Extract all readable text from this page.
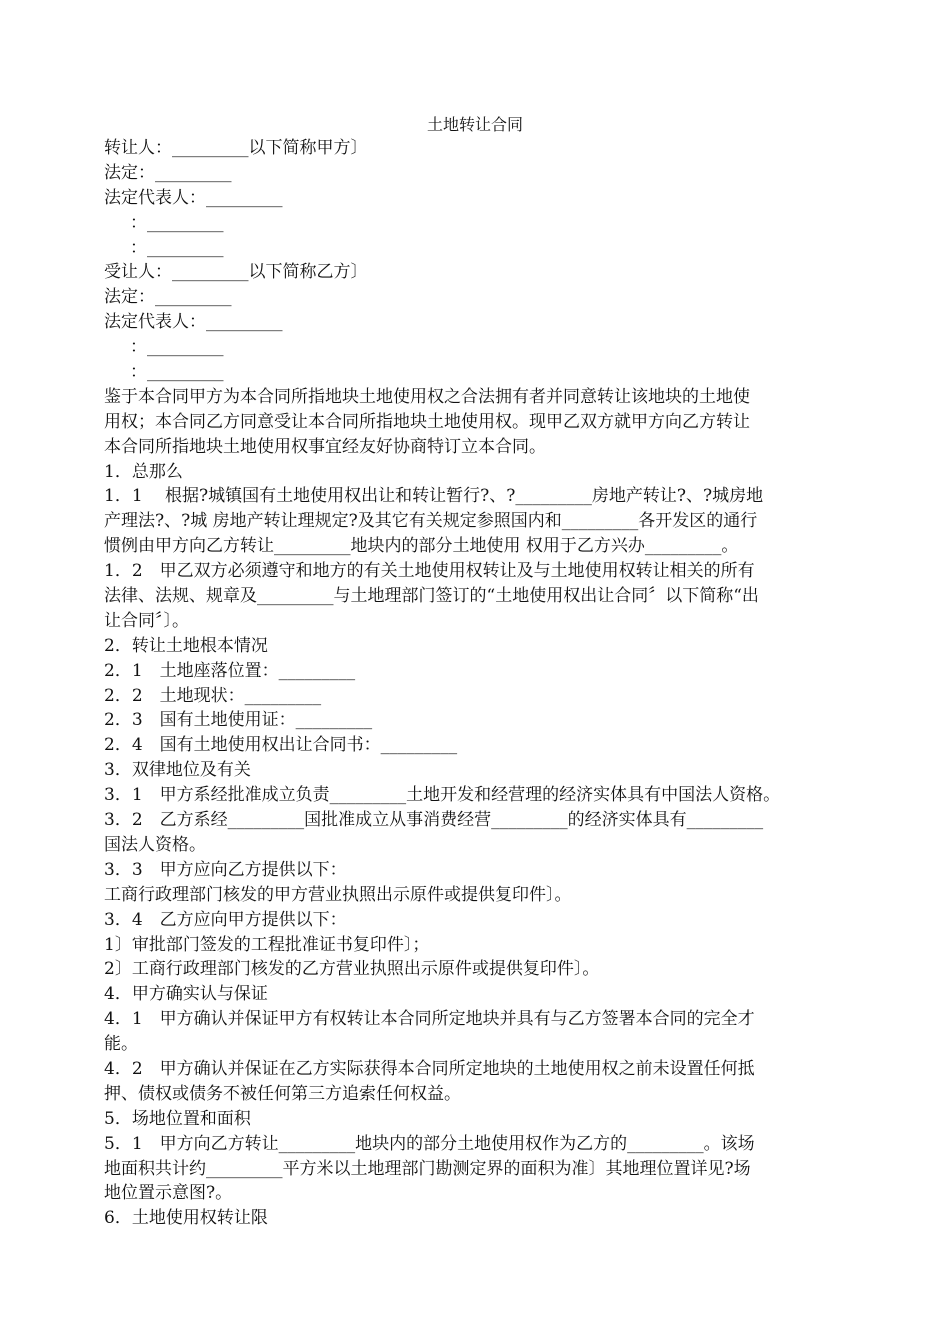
土地转让合同
转让人：_________以下简称甲方〕
法定：_________
法定代表人：_________
：_________
：_________
受让人：_________以下简称乙方〕
法定：_________
法定代表人：_________
：_________
：_________
鉴于本合同甲方为本合同所指地块土地使用权之合法拥有者并同意转让该地块的土地使
用权；本合同乙方同意受让本合同所指地块土地使用权。现甲乙双方就甲方向乙方转让
本合同所指地块土地使用权事宜经友好协商特订立本合同。
1．总那么
1．1　 根据?城镇国有土地使用权出让和转让暂行?、?_________房地产转让?、?城房地
产理法?、?城 房地产转让理规定?及其它有关规定参照国内和_________各开发区的通行
惯例由甲方向乙方转让_________地块内的部分土地使用 权用于乙方兴办_________。
1．2　甲乙双方必须遵守和地方的有关土地使用权转让及与土地使用权转让相关的所有
法律、法规、规章及_________与土地理部门签订的“土地使用权出让合同〞以下简称“出
让合同〞〕。
2．转让土地根本情况
2．1　土地座落位置：_________
2．2　土地现状：_________
2．3　国有土地使用证：_________
2．4　国有土地使用权出让合同书：_________
3．双律地位及有关
3．1　甲方系经批准成立负责_________土地开发和经营理的经济实体具有中国法人资格。
3．2　乙方系经_________国批准成立从事消费经营_________的经济实体具有_________
国法人资格。
3．3　甲方应向乙方提供以下：
工商行政理部门核发的甲方营业执照出示原件或提供复印件〕。
3．4　乙方应向甲方提供以下：
1〕审批部门签发的工程批准证书复印件〕；
2〕工商行政理部门核发的乙方营业执照出示原件或提供复印件〕。
4．甲方确实认与保证
4．1　甲方确认并保证甲方有权转让本合同所定地块并具有与乙方签署本合同的完全才
能。
4．2　甲方确认并保证在乙方实际获得本合同所定地块的土地使用权之前未设置任何抵
押、债权或债务不被任何第三方追索任何权益。
5．场地位置和面积
5．1　甲方向乙方转让_________地块内的部分土地使用权作为乙方的_________。该场
地面积共计约_________平方米以土地理部门勘测定界的面积为准〕其地理位置详见?场
地位置示意图?。
6．土地使用权转让限
